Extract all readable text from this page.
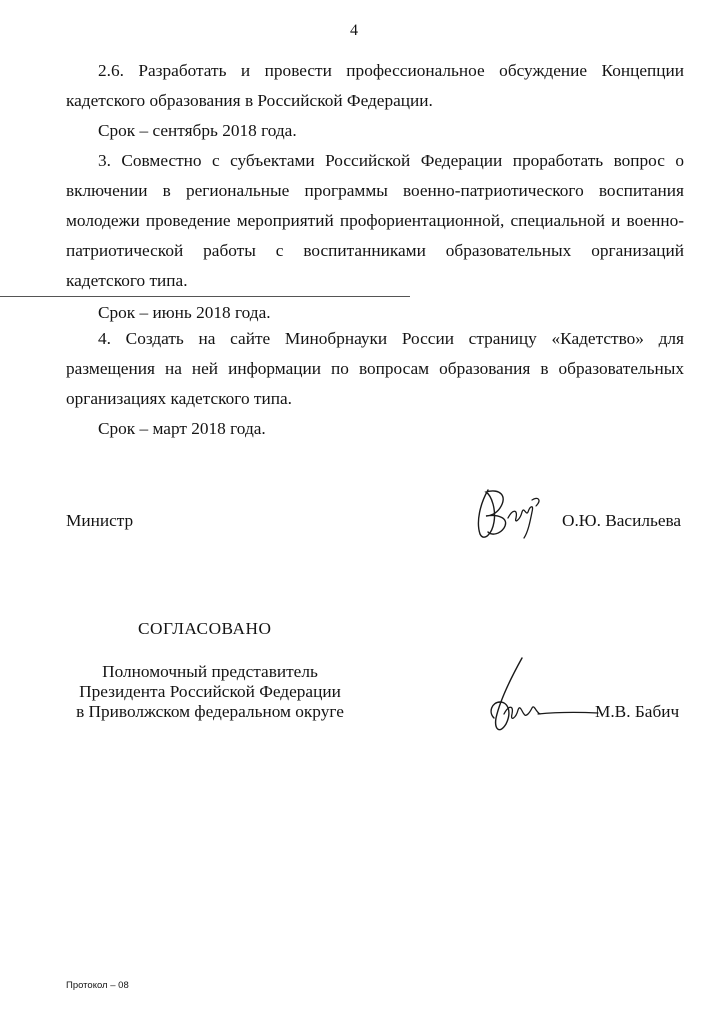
4

2.6. Разработать и провести профессиональное обсуждение Концепции кадетского образования в Российской Федерации.

Срок – сентябрь 2018 года.

3. Совместно с субъектами Российской Федерации проработать вопрос о включении в региональные программы военно-патриотического воспитания молодежи проведение мероприятий профориентационной, специальной и военно-патриотической работы с воспитанниками образовательных организаций кадетского типа.

Срок – июнь 2018 года.

4. Создать на сайте Минобрнауки России страницу «Кадетство» для размещения на ней информации по вопросам образования в образовательных организациях кадетского типа.

Срок – март 2018 года.

Министр	О.Ю. Васильева
СОГЛАСОВАНО
Полномочный представитель
Президента Российской Федерации
в Приволжском федеральном округе	М.В. Бабич
Протокол – 08
